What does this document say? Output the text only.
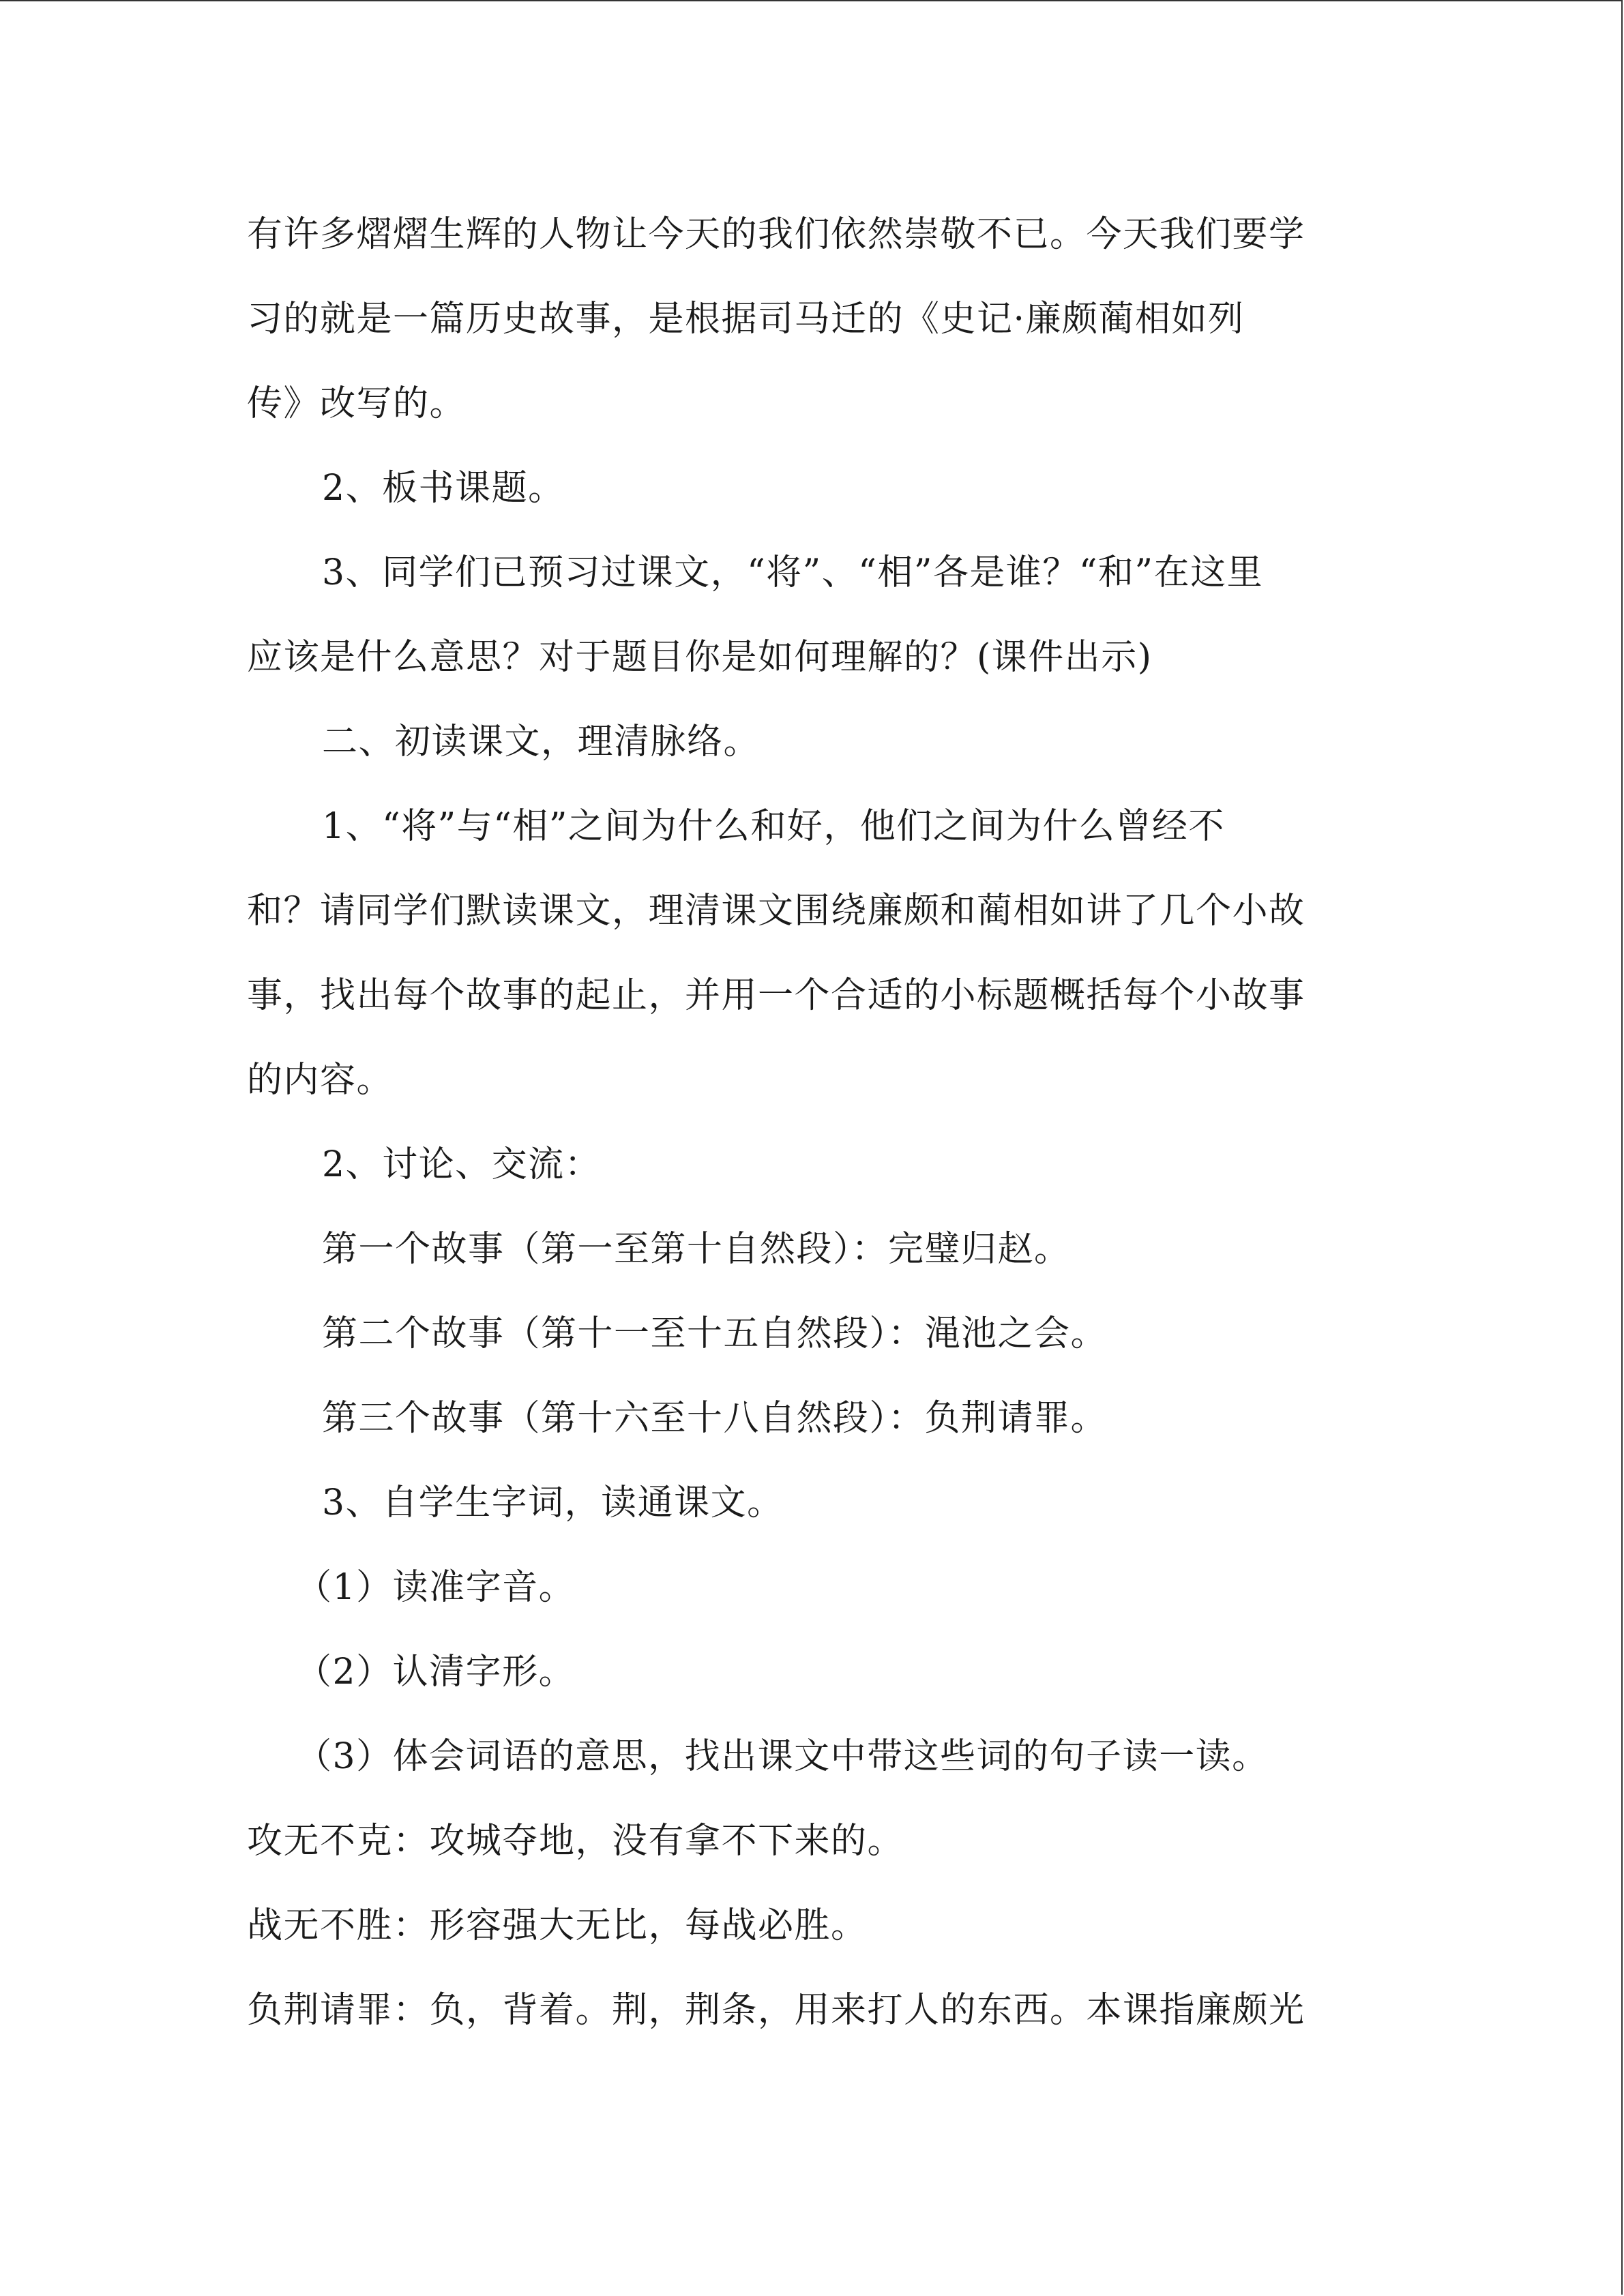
有许多熠熠生辉的人物让今天的我们依然崇敬不已。今天我们要学
习的就是一篇历史故事，是根据司马迁的《史记·廉颇蔺相如列
传》改写的。
2、板书课题。
3、同学们已预习过课文，“将”、“相”各是谁？“和”在这里
应该是什么意思？对于题目你是如何理解的？(课件出示)
二、初读课文，理清脉络。
1、“将”与“相”之间为什么和好，他们之间为什么曾经不
和？请同学们默读课文，理清课文围绕廉颇和蔺相如讲了几个小故
事，找出每个故事的起止，并用一个合适的小标题概括每个小故事
的内容。
2、讨论、交流：
第一个故事（第一至第十自然段）：完璧归赵。
第二个故事（第十一至十五自然段）：渑池之会。
第三个故事（第十六至十八自然段）：负荆请罪。
3、自学生字词，读通课文。
（1）读准字音。
（2）认清字形。
（3）体会词语的意思，找出课文中带这些词的句子读一读。
攻无不克：攻城夺地，没有拿不下来的。
战无不胜：形容强大无比，每战必胜。
负荆请罪：负，背着。荆，荆条，用来打人的东西。本课指廉颇光
